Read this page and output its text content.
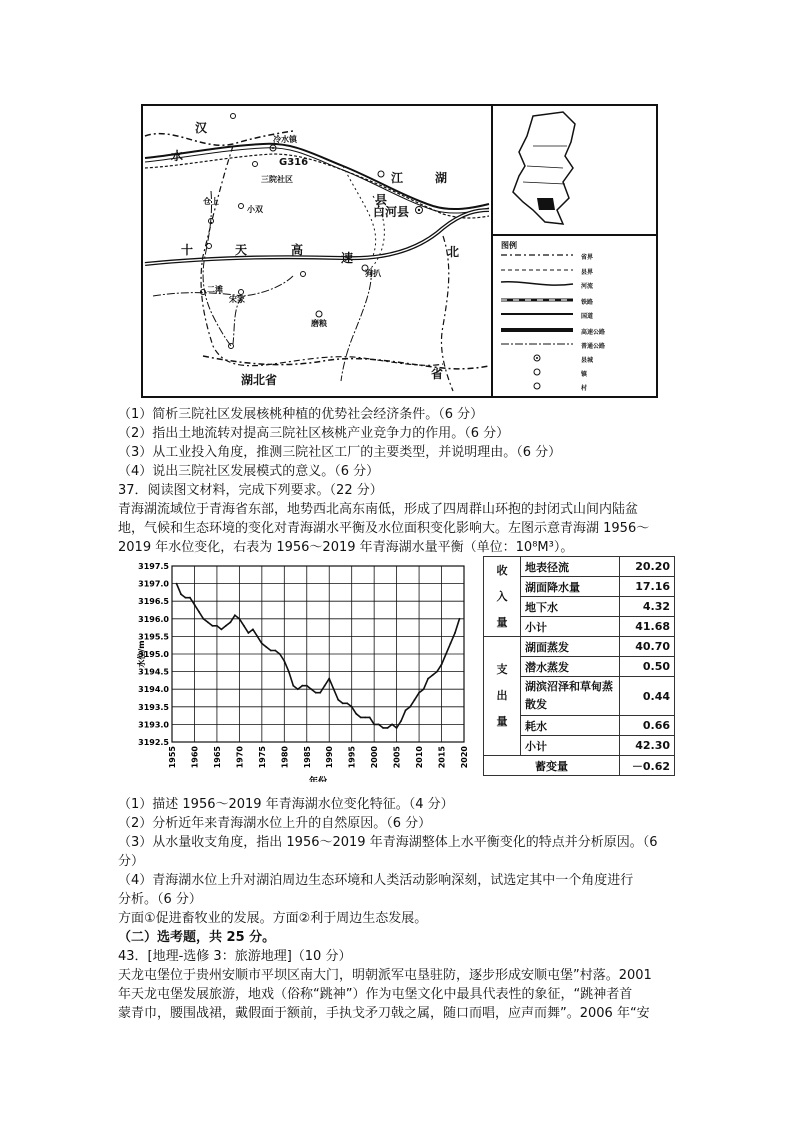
汉
水
冷水镇
G316
三院社区	江	湖
白河县
县
仓上
小双
十	天	高
速	北
狗扒
宋家
二滩
磨粮
湖北省	省
图例
省界
县界
河流
铁路
国道
高速公路
普通公路
县城
镇
村
（1）简析三院社区发展核桃种植的优势社会经济条件。（6 分）
（2）指出土地流转对提高三院社区核桃产业竞争力的作用。（6 分）
（3）从工业投入角度，推测三院社区工厂的主要类型，并说明理由。（6 分）
（4）说出三院社区发展模式的意义。（6 分）
37．阅读图文材料，完成下列要求。（22 分）
青海湖流域位于青海省东部，地势西北高东南低，形成了四周群山环抱的封闭式山间内陆盆
地，气候和生态环境的变化对青海湖水平衡及水位面积变化影响大。左图示意青海湖 1956～
2019 年水位变化，右表为 1956～2019 年青海湖水量平衡（单位：10⁸M³）。
3197.5
3197.0
3196.5
3196.0
3195.5
3195.0
3194.5
3194.0
3193.5
3193.0
3192.5
1955 1960 1965 1970 1975 1980 1985 1990 1995 2000 2005 2010 2015 2020
水位/m
年份
收
入
量	地表径流	20.20
	湖面降水量	17.16
	地下水	4.32
	小计	41.68

支
出
量	湖面蒸发	40.70
	潜水蒸发	0.50
	湖滨沼泽和草甸蒸散发	0.44
	耗水	0.66
	小计	42.30
蓄变量		－0.62
（1）描述 1956～2019 年青海湖水位变化特征。（4 分）
（2）分析近年来青海湖水位上升的自然原因。（6 分）
（3）从水量收支角度，指出 1956～2019 年青海湖整体上水平衡变化的特点并分析原因。（6
分）
（4）青海湖水位上升对湖泊周边生态环境和人类活动影响深刻，试选定其中一个角度进行
分析。（6 分）
方面①促进畜牧业的发展。方面②利于周边生态发展。
（二）选考题，共 25 分。
43．[地理-选修 3：旅游地理]（10 分）
天龙屯堡位于贵州安顺市平坝区南大门，明朝派军屯垦驻防，逐步形成安顺屯堡”村落。2001
年天龙屯堡发展旅游，地戏（俗称“跳神”）作为屯堡文化中最具代表性的象征，“跳神者首
蒙青巾，腰围战裙，戴假面于额前，手执戈矛刀戟之属，随口而唱，应声而舞”。2006 年“安
